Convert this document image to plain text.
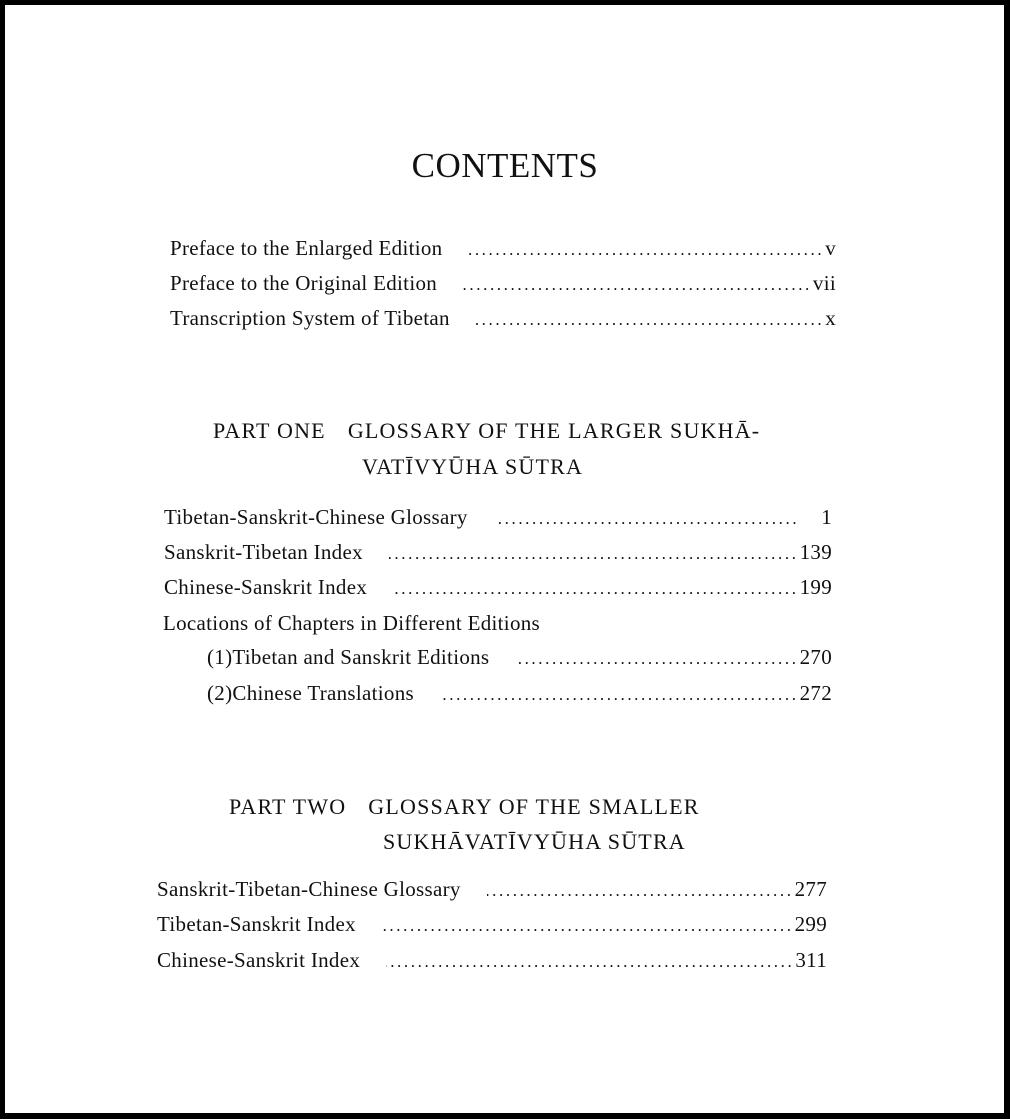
CONTENTS
Preface to the Enlarged Edition .....	v
Preface to the Original Edition .....	vii
Transcription System of Tibetan .....	x
PART ONE GLOSSARY OF THE LARGER SUKHĀ-
VATĪVYŪHA SŪTRA
Tibetan-Sanskrit-Chinese Glossary .....	1
Sanskrit-Tibetan Index .....	139
Chinese-Sanskrit Index .....	199
Locations of Chapters in Different Editions
(1) Tibetan and Sanskrit Editions .....	270
(2) Chinese Translations .....	272
PART TWO GLOSSARY OF THE SMALLER
SUKHĀVATĪVYŪHA SŪTRA
Sanskrit-Tibetan-Chinese Glossary .....	277
Tibetan-Sanskrit Index .....	299
Chinese-Sanskrit Index .....	311
